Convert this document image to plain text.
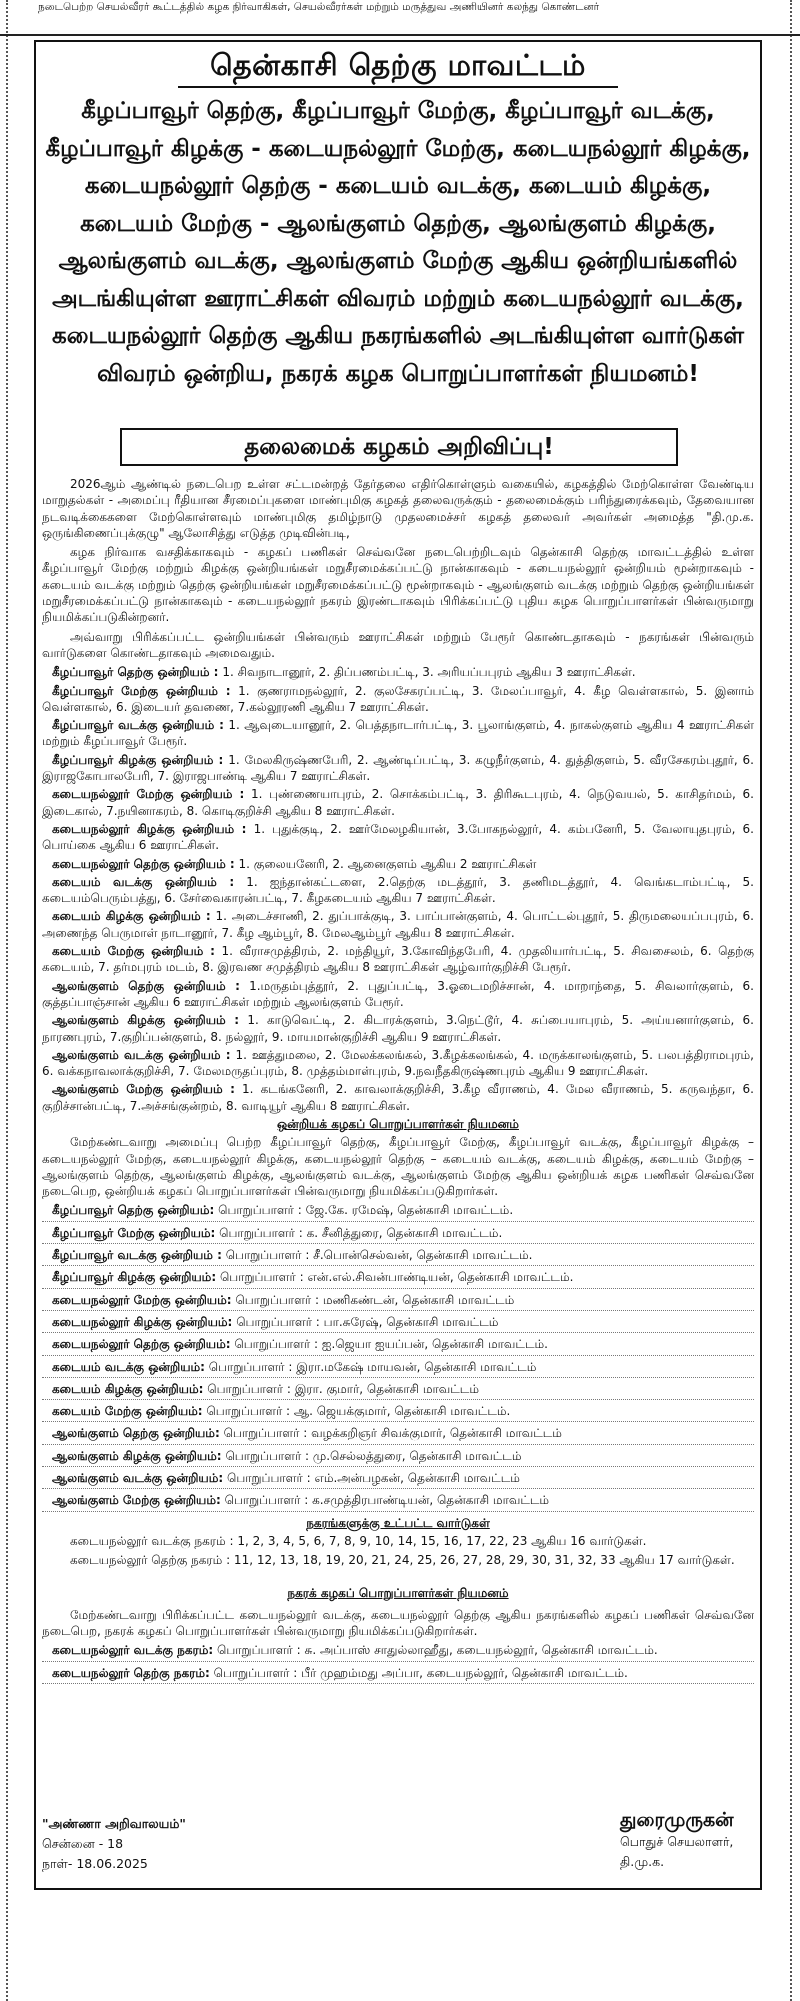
நடைபெற்ற செயல்வீரர் கூட்டத்தில் கழக நிர்வாகிகள், செயல்வீரர்கள் மற்றும் மருத்துவ அணியினர் கலந்து கொண்டனர்

தென்காசி தெற்கு மாவட்டம்
கீழப்பாவூர் தெற்கு, கீழப்பாவூர் மேற்கு, கீழப்பாவூர் வடக்கு, கீழப்பாவூர் கிழக்கு - கடையநல்லூர் மேற்கு, கடையநல்லூர் கிழக்கு, கடையநல்லூர் தெற்கு - கடையம் வடக்கு, கடையம் கிழக்கு, கடையம் மேற்கு - ஆலங்குளம் தெற்கு, ஆலங்குளம் கிழக்கு, ஆலங்குளம் வடக்கு, ஆலங்குளம் மேற்கு ஆகிய ஒன்றியங்களில் அடங்கியுள்ள ஊராட்சிகள் விவரம் மற்றும் கடையநல்லூர் வடக்கு, கடையநல்லூர் தெற்கு ஆகிய நகரங்களில் அடங்கியுள்ள வார்டுகள் விவரம் ஒன்றிய, நகரக் கழக பொறுப்பாளர்கள் நியமனம்!
தலைமைக் கழகம் அறிவிப்பு!

2026ஆம் ஆண்டில் நடைபெற உள்ள சட்டமன்றத் தேர்தலை எதிர்கொள்ளும் வகையில், கழகத்தில் மேற்கொள்ள வேண்டிய மாறுதல்கள் - அமைப்பு ரீதியான சீரமைப்புகளை மாண்புமிகு கழகத் தலைவருக்கும் - தலைமைக்கும் பரிந்துரைக்கவும், தேவையான நடவடிக்கைகளை மேற்கொள்ளவும் மாண்புமிகு தமிழ்நாடு முதலமைச்சர் கழகத் தலைவர் அவர்கள் அமைத்த "தி.மு.க. ஒருங்கிணைப்புக்குழு" ஆலோசித்து எடுத்த முடிவின்படி,

கழக நிர்வாக வசதிக்காகவும் - கழகப் பணிகள் செவ்வனே நடைபெற்றிடவும் தென்காசி தெற்கு மாவட்டத்தில் உள்ள கீழப்பாவூர் மேற்கு மற்றும் கிழக்கு ஒன்றியங்கள் மறுசீரமைக்கப்பட்டு நான்காகவும் - கடையநல்லூர் ஒன்றியம் மூன்றாகவும் - கடையம் வடக்கு மற்றும் தெற்கு ஒன்றியங்கள் மறுசீரமைக்கப்பட்டு மூன்றாகவும் - ஆலங்குளம் வடக்கு மற்றும் தெற்கு ஒன்றியங்கள் மறுசீரமைக்கப்பட்டு நான்காகவும் - கடையநல்லூர் நகரம் இரண்டாகவும் பிரிக்கப்பட்டு புதிய கழக பொறுப்பாளர்கள் பின்வருமாறு நியமிக்கப்படுகின்றனர்.

அவ்வாறு பிரிக்கப்பட்ட ஒன்றியங்கள் பின்வரும் ஊராட்சிகள் மற்றும் பேரூர் கொண்டதாகவும் - நகரங்கள் பின்வரும் வார்டுகளை கொண்டதாகவும் அமைவதும்.

கீழப்பாவூர் தெற்கு ஒன்றியம் : 1. சிவநாடானூர், 2. திப்பணம்பட்டி, 3. அரியப்பபுரம் ஆகிய 3 ஊராட்சிகள்.

கீழப்பாவூர் மேற்கு ஒன்றியம் : 1. குணராமநல்லூர், 2. குலசேகரப்பட்டி, 3. மேலப்பாவூர், 4. கீழ வெள்ளகால், 5. இனாம் வெள்ளகால், 6. இடையர் தவணை, 7.கல்லூரணி ஆகிய 7 ஊராட்சிகள்.

கீழப்பாவூர் வடக்கு ஒன்றியம் : 1. ஆவுடையானூர், 2. பெத்தநாடார்பட்டி, 3. பூலாங்குளம், 4. நாகல்குளம் ஆகிய 4 ஊராட்சிகள் மற்றும் கீழப்பாவூர் பேரூர்.

கீழப்பாவூர் கிழக்கு ஒன்றியம் : 1. மேலகிருஷ்ணபேரி, 2. ஆண்டிப்பட்டி, 3. கழுநீர்குளம், 4. துத்திகுளம், 5. வீரசேகரம்புதூர், 6. இராஜகோபாலபேரி, 7. இராஜபாண்டி ஆகிய 7 ஊராட்சிகள்.

கடையநல்லூர் மேற்கு ஒன்றியம் : 1. புண்ணையாபுரம், 2. சொக்கம்பட்டி, 3. திரிகூடபுரம், 4. நெடுவயல், 5. காசிதர்மம், 6. இடைகால், 7.நயினாகரம், 8. கொடிகுறிச்சி ஆகிய 8 ஊராட்சிகள்.

கடையநல்லூர் கிழக்கு ஒன்றியம் : 1. புதுக்குடி, 2. ஊர்மேலழகியான், 3.போகநல்லூர், 4. கம்பனேரி, 5. வேலாயுதபுரம், 6. பொய்கை ஆகிய 6 ஊராட்சிகள்.

கடையநல்லூர் தெற்கு ஒன்றியம் : 1. குலையனேரி, 2. ஆனைகுளம் ஆகிய 2 ஊராட்சிகள்

கடையம் வடக்கு ஒன்றியம் : 1. ஐந்தான்கட்டளை, 2.தெற்கு மடத்தூர், 3. தணிமடத்தூர், 4. வெங்கடாம்பட்டி, 5. கடையம்பெரும்பத்து, 6. சேர்வைகாரன்பட்டி, 7. கீழகடையம் ஆகிய 7 ஊராட்சிகள்.

கடையம் கிழக்கு ஒன்றியம் : 1. அடைச்சாணி, 2. துப்பாக்குடி, 3. பாப்பான்குளம், 4. பொட்டல்புதூர், 5. திருமலையப்பபுரம், 6. அணைந்த பெருமாள் நாடானூர், 7. கீழ ஆம்பூர், 8. மேலஆம்பூர் ஆகிய 8 ஊராட்சிகள்.

கடையம் மேற்கு ஒன்றியம் : 1. வீராசமுத்திரம், 2. மந்தியூர், 3.கோவிந்தபேரி, 4. முதலியார்பட்டி, 5. சிவசைலம், 6. தெற்கு கடையம், 7. தர்மபுரம் மடம், 8. இரவண சமுத்திரம் ஆகிய 8 ஊராட்சிகள் ஆழ்வார்குறிச்சி பேரூர்.

ஆலங்குளம் தெற்கு ஒன்றியம் : 1.மருதம்புத்தூர், 2. புதுப்பட்டி, 3.ஓடைமறிச்சான், 4. மாறாந்தை, 5. சிவலார்குளம், 6. குத்தப்பாஞ்சான் ஆகிய 6 ஊராட்சிகள் மற்றும் ஆலங்குளம் பேரூர்.

ஆலங்குளம் கிழக்கு ஒன்றியம் : 1. காடுவெட்டி, 2. கிடாரக்குளம், 3.நெட்டூர், 4. சுப்பையாபுரம், 5. அய்யனார்குளம், 6. நாரணபுரம், 7.குறிப்பன்குளம், 8. நல்லூர், 9. மாயமான்குறிச்சி ஆகிய 9 ஊராட்சிகள்.

ஆலங்குளம் வடக்கு ஒன்றியம் : 1. ஊத்துமலை, 2. மேலக்கலங்கல், 3.கீழக்கலங்கல், 4. மருக்காலங்குளம், 5. பலபத்திராமபுரம், 6. வக்கநாவலாக்குறிச்சி, 7. மேலமருதப்புரம், 8. முத்தம்மாள்புரம், 9.நவநீதகிருஷ்ணபுரம் ஆகிய 9 ஊராட்சிகள்.

ஆலங்குளம் மேற்கு ஒன்றியம் : 1. கடங்கனேரி, 2. காவலாக்குறிச்சி, 3.கீழ வீராணம், 4. மேல வீராணம், 5. கருவந்தா, 6. குறிச்சான்பட்டி, 7.அச்சங்குன்றம், 8. வாடியூர் ஆகிய 8 ஊராட்சிகள்.

ஒன்றியக் கழகப் பொறுப்பாளர்கள் நியமனம்

மேற்கண்டவாறு அமைப்பு பெற்ற கீழப்பாவூர் தெற்கு, கீழப்பாவூர் மேற்கு, கீழப்பாவூர் வடக்கு, கீழப்பாவூர் கிழக்கு – கடையநல்லூர் மேற்கு, கடையநல்லூர் கிழக்கு, கடையநல்லூர் தெற்கு – கடையம் வடக்கு, கடையம் கிழக்கு, கடையம் மேற்கு – ஆலங்குளம் தெற்கு, ஆலங்குளம் கிழக்கு, ஆலங்குளம் வடக்கு, ஆலங்குளம் மேற்கு ஆகிய ஒன்றியக் கழக பணிகள் செவ்வனே நடைபெற, ஒன்றியக் கழகப் பொறுப்பாளர்கள் பின்வருமாறு நியமிக்கப்படுகிறார்கள்.

கீழப்பாவூர் தெற்கு ஒன்றியம்: பொறுப்பாளர் : ஜே.கே. ரமேஷ், தென்காசி மாவட்டம்.

கீழப்பாவூர் மேற்கு ஒன்றியம்: பொறுப்பாளர் : க. சீனித்துரை, தென்காசி மாவட்டம்.

கீழப்பாவூர் வடக்கு ஒன்றியம் : பொறுப்பாளர் : சீ.பொன்செல்வன், தென்காசி மாவட்டம்.

கீழப்பாவூர் கிழக்கு ஒன்றியம்: பொறுப்பாளர் : என்.எல்.சிவன்பாண்டியன், தென்காசி மாவட்டம்.

கடையநல்லூர் மேற்கு ஒன்றியம்: பொறுப்பாளர் : மணிகண்டன், தென்காசி மாவட்டம்

கடையநல்லூர் கிழக்கு ஒன்றியம்: பொறுப்பாளர் : பா.சுரேஷ், தென்காசி மாவட்டம்

கடையநல்லூர் தெற்கு ஒன்றியம்: பொறுப்பாளர் : ஐ.ஜெயா ஐயப்பன், தென்காசி மாவட்டம்.

கடையம் வடக்கு ஒன்றியம்: பொறுப்பாளர் : இரா.மகேஷ் மாயவன், தென்காசி மாவட்டம்

கடையம் கிழக்கு ஒன்றியம்: பொறுப்பாளர் : இரா. குமார், தென்காசி மாவட்டம்

கடையம் மேற்கு ஒன்றியம்: பொறுப்பாளர் : ஆ. ஜெயக்குமார், தென்காசி மாவட்டம்.

ஆலங்குளம் தெற்கு ஒன்றியம்: பொறுப்பாளர் : வழக்கறிஞர் சிவக்குமார், தென்காசி மாவட்டம்

ஆலங்குளம் கிழக்கு ஒன்றியம்: பொறுப்பாளர் : மு.செல்லத்துரை, தென்காசி மாவட்டம்

ஆலங்குளம் வடக்கு ஒன்றியம்: பொறுப்பாளர் : எம்.அன்பழகன், தென்காசி மாவட்டம்

ஆலங்குளம் மேற்கு ஒன்றியம்: பொறுப்பாளர் : க.சமுத்திரபாண்டியன், தென்காசி மாவட்டம்

நகரங்களுக்கு உட்பட்ட வார்டுகள்

கடையநல்லூர் வடக்கு நகரம் : 1, 2, 3, 4, 5, 6, 7, 8, 9, 10, 14, 15, 16, 17, 22, 23 ஆகிய 16 வார்டுகள்.

கடையநல்லூர் தெற்கு நகரம் : 11, 12, 13, 18, 19, 20, 21, 24, 25, 26, 27, 28, 29, 30, 31, 32, 33 ஆகிய 17 வார்டுகள்.

நகரக் கழகப் பொறுப்பாளர்கள் நியமனம்

மேற்கண்டவாறு பிரிக்கப்பட்ட கடையநல்லூர் வடக்கு, கடையநல்லூர் தெற்கு ஆகிய நகரங்களில் கழகப் பணிகள் செவ்வனே நடைபெற, நகரக் கழகப் பொறுப்பாளர்கள் பின்வருமாறு நியமிக்கப்படுகிறார்கள்.

கடையநல்லூர் வடக்கு நகரம்: பொறுப்பாளர் : சு. அப்பாஸ் சாதுல்லாஹீது, கடையநல்லூர், தென்காசி மாவட்டம்.

கடையநல்லூர் தெற்கு நகரம்: பொறுப்பாளர் : பீர் முஹம்மது அப்பா, கடையநல்லூர், தென்காசி மாவட்டம்.

"அண்ணா அறிவாலயம்"
சென்னை - 18
நாள்- 18.06.2025
துரைமுருகன்
பொதுச் செயலாளர்,
தி.மு.க.
